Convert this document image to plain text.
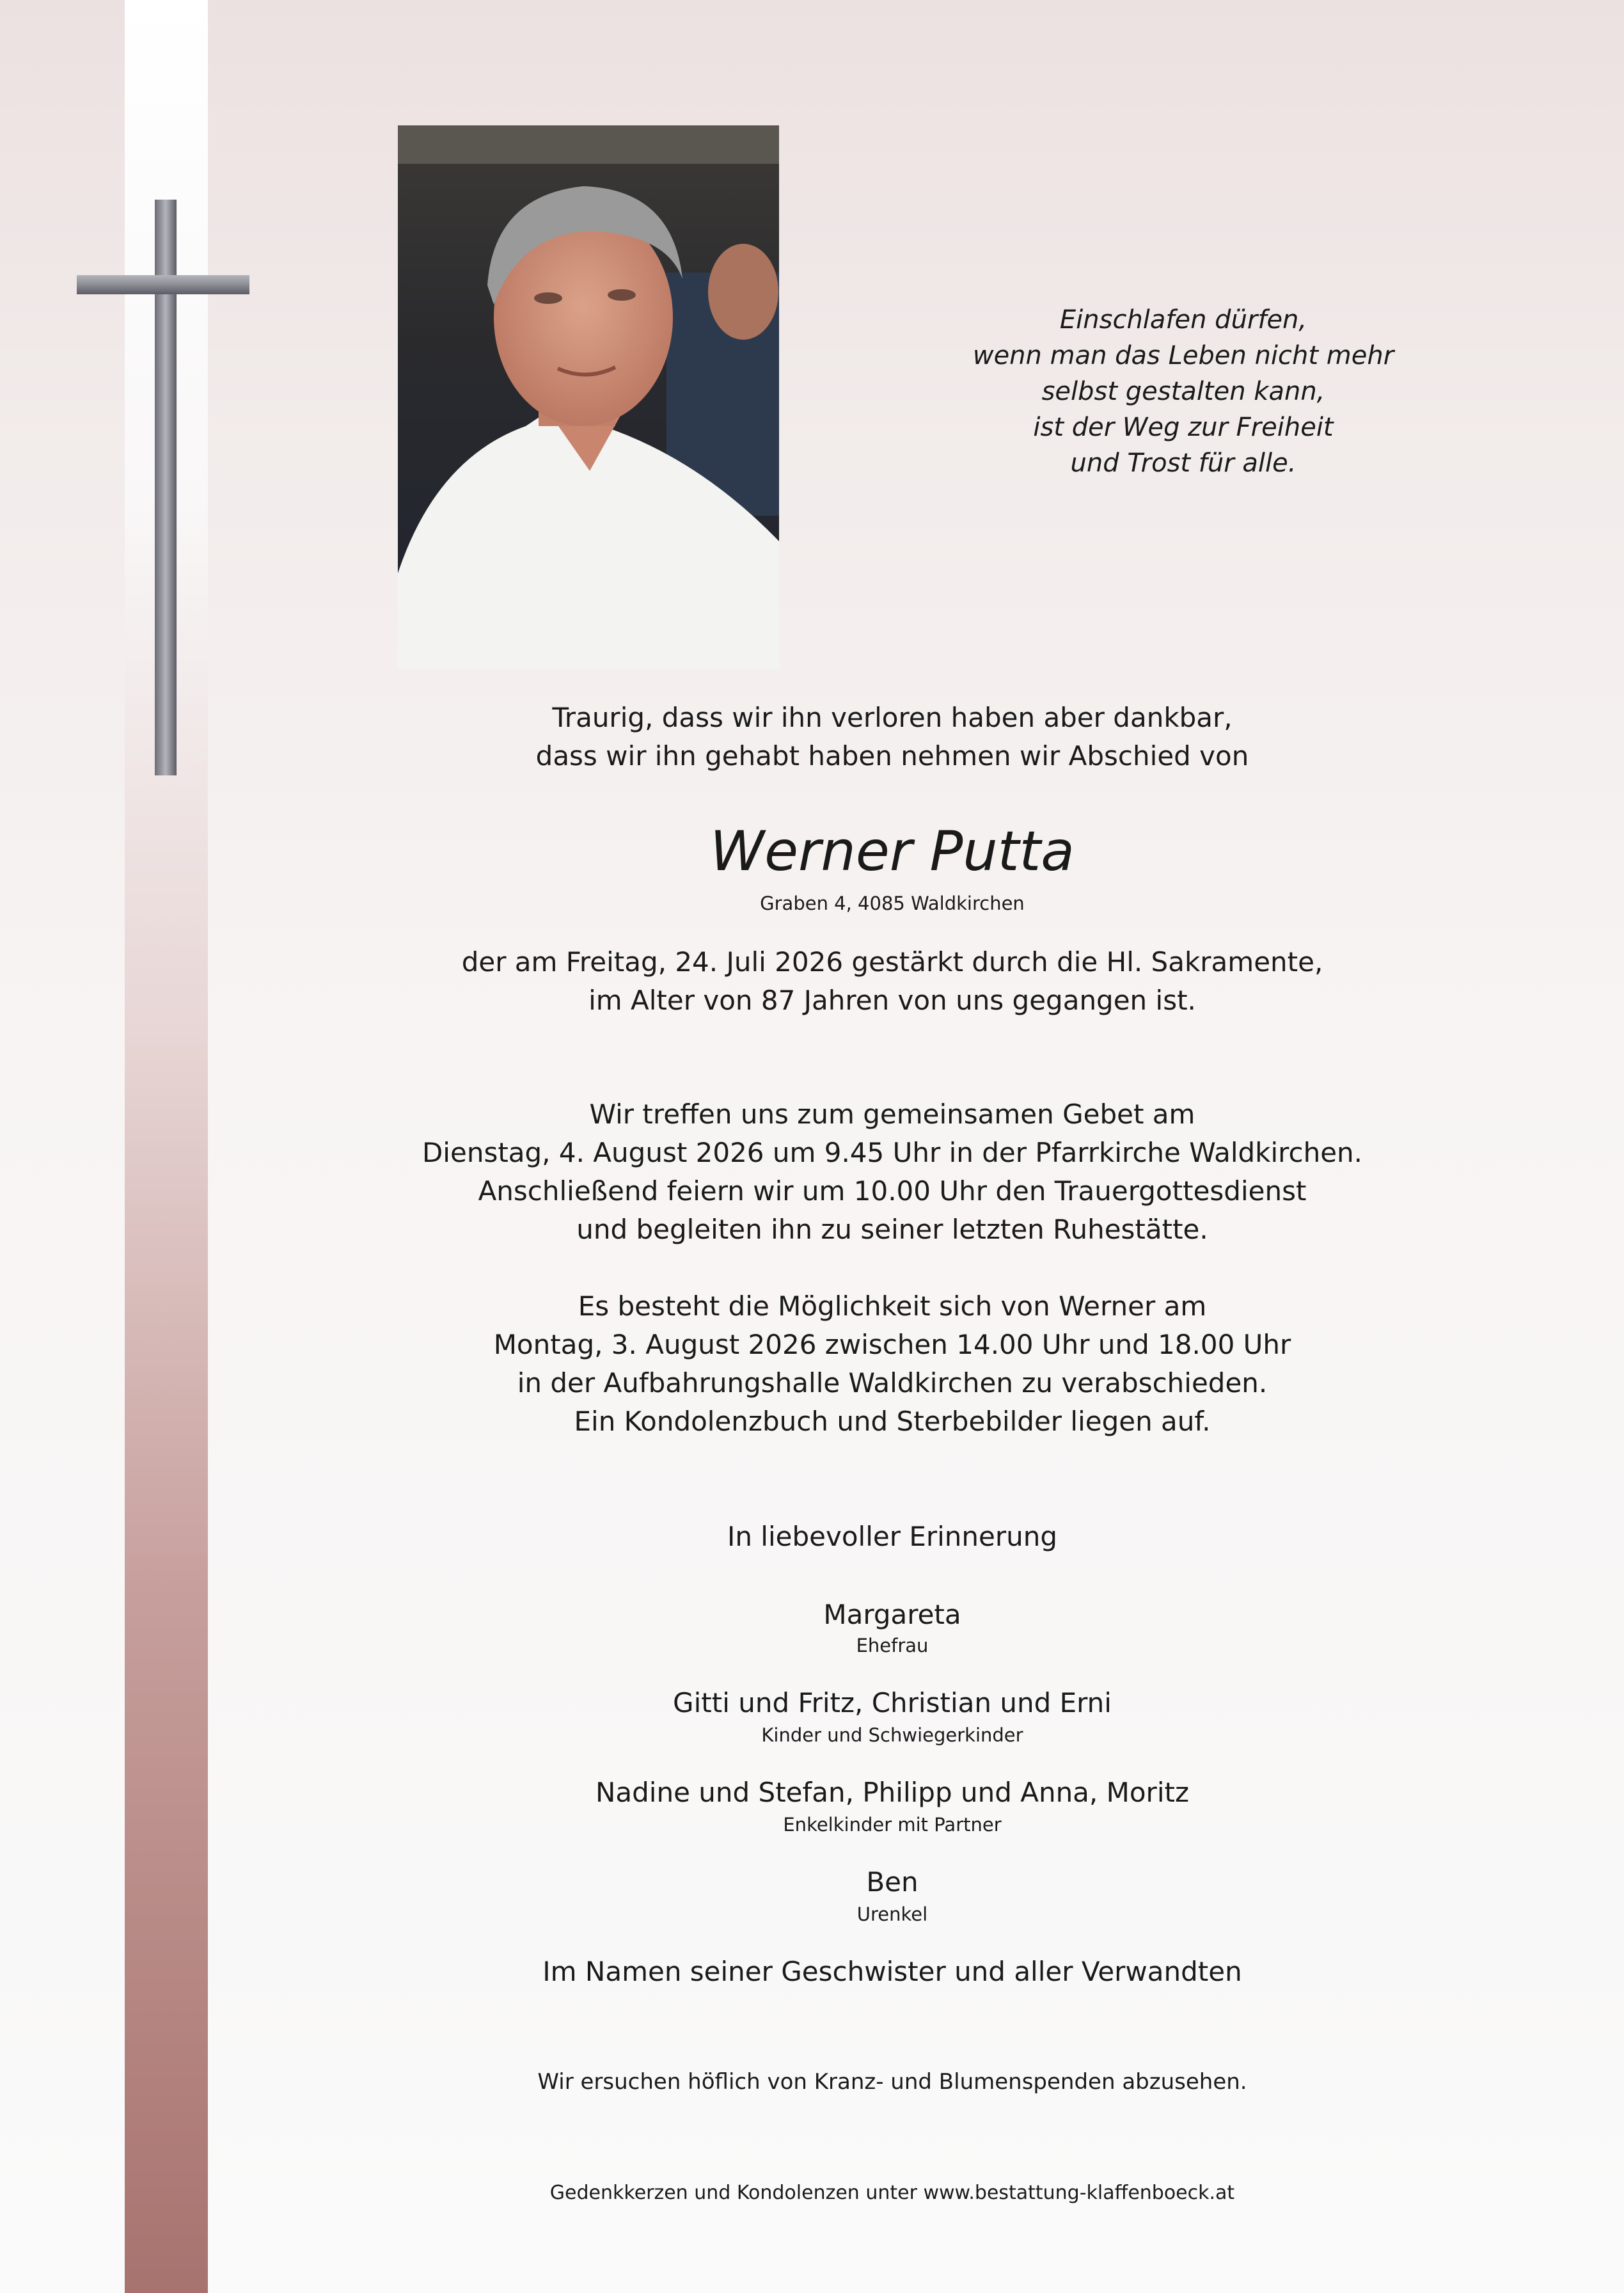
Einschlafen dürfen,
wenn man das Leben nicht mehr
selbst gestalten kann,
ist der Weg zur Freiheit
und Trost für alle.
Traurig, dass wir ihn verloren haben aber dankbar,
dass wir ihn gehabt haben nehmen wir Abschied von
Werner Putta
Graben 4, 4085 Waldkirchen
der am Freitag, 24. Juli 2026 gestärkt durch die Hl. Sakramente,
im Alter von 87 Jahren von uns gegangen ist.
Wir treffen uns zum gemeinsamen Gebet am
Dienstag, 4. August 2026 um 9.45 Uhr in der Pfarrkirche Waldkirchen.
Anschließend feiern wir um 10.00 Uhr den Trauergottesdienst
und begleiten ihn zu seiner letzten Ruhestätte.
Es besteht die Möglichkeit sich von Werner am
Montag, 3. August 2026 zwischen 14.00 Uhr und 18.00 Uhr
in der Aufbahrungshalle Waldkirchen zu verabschieden.
Ein Kondolenzbuch und Sterbebilder liegen auf.
In liebevoller Erinnerung
Margareta
Ehefrau
Gitti und Fritz, Christian und Erni
Kinder und Schwiegerkinder
Nadine und Stefan, Philipp und Anna, Moritz
Enkelkinder mit Partner
Ben
Urenkel
Im Namen seiner Geschwister und aller Verwandten
Wir ersuchen höflich von Kranz- und Blumenspenden abzusehen.
Gedenkkerzen und Kondolenzen unter www.bestattung-klaffenboeck.at
